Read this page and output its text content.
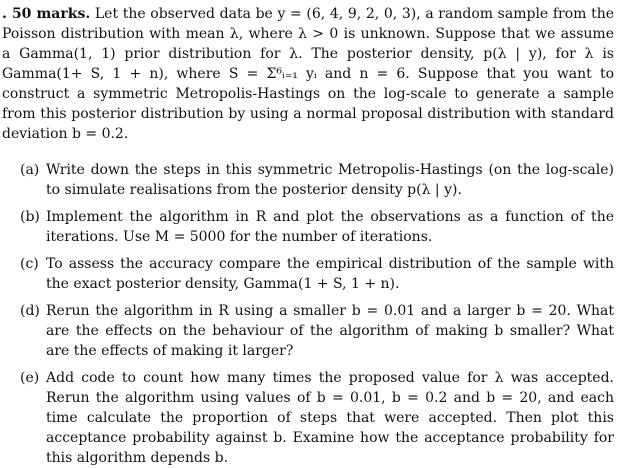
. 50 marks. Let the observed data be y = (6, 4, 9, 2, 0, 3), a random sample from the Poisson distribution with mean λ, where λ > 0 is unknown. Suppose that we assume a Gamma(1, 1) prior distribution for λ. The posterior density, p(λ | y), for λ is Gamma(1+ S, 1 + n), where S = Σ⁶ᵢ₌₁ yᵢ and n = 6. Suppose that you want to construct a symmetric Metropolis-Hastings on the log-scale to generate a sample from this posterior distribution by using a normal proposal distribution with standard deviation b = 0.2.

(a) Write down the steps in this symmetric Metropolis-Hastings (on the log-scale) to simulate realisations from the posterior density p(λ | y).
(b) Implement the algorithm in R and plot the observations as a function of the iterations. Use M = 5000 for the number of iterations.
(c) To assess the accuracy compare the empirical distribution of the sample with the exact posterior density, Gamma(1 + S, 1 + n).
(d) Rerun the algorithm in R using a smaller b = 0.01 and a larger b = 20. What are the effects on the behaviour of the algorithm of making b smaller? What are the effects of making it larger?
(e) Add code to count how many times the proposed value for λ was accepted. Rerun the algorithm using values of b = 0.01, b = 0.2 and b = 20, and each time calculate the proportion of steps that were accepted. Then plot this acceptance probability against b. Examine how the acceptance probability for this algorithm depends b.
